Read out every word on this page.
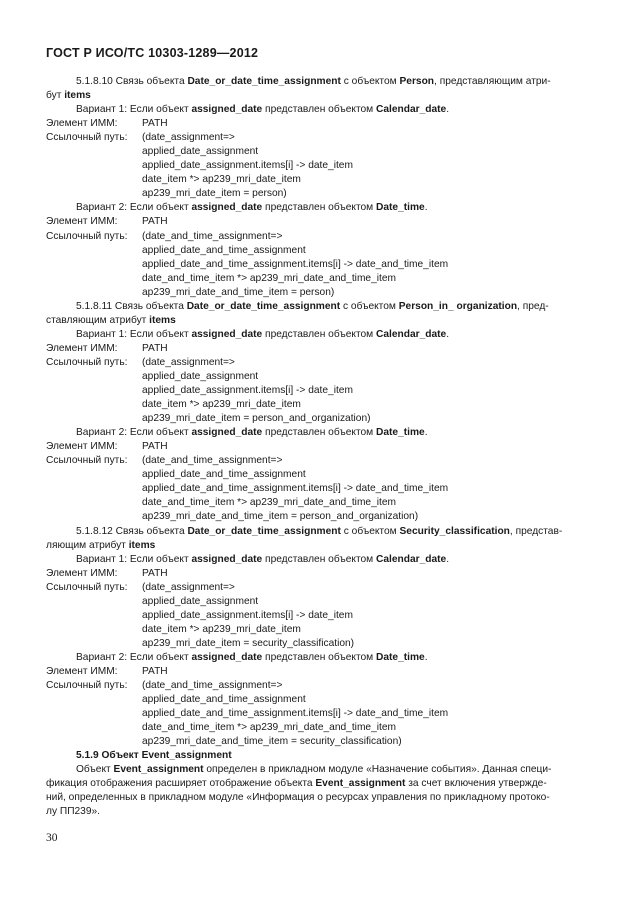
ГОСТ Р ИСО/ТС 10303-1289—2012
5.1.8.10 Связь объекта Date_or_date_time_assignment с объектом Person, представляющим атри-
бут items
Вариант 1: Если объект assigned_date представлен объектом Calendar_date.
Элемент ИММ:	PATH
Ссылочный путь:	(date_assignment=>
applied_date_assignment
applied_date_assignment.items[i] -> date_item
date_item *> ap239_mri_date_item
ap239_mri_date_item = person)
Вариант 2: Если объект assigned_date представлен объектом Date_time.
Элемент ИММ:	PATH
Ссылочный путь:	(date_and_time_assignment=>
applied_date_and_time_assignment
applied_date_and_time_assignment.items[i] -> date_and_time_item
date_and_time_item *> ap239_mri_date_and_time_item
ap239_mri_date_and_time_item = person)
5.1.8.11 Связь объекта Date_or_date_time_assignment с объектом Person_in_ organization, пред-
ставляющим атрибут items
Вариант 1: Если объект assigned_date представлен объектом Calendar_date.
Элемент ИММ:	PATH
Ссылочный путь:	(date_assignment=>
applied_date_assignment
applied_date_assignment.items[i] -> date_item
date_item *> ap239_mri_date_item
ap239_mri_date_item = person_and_organization)
Вариант 2: Если объект assigned_date представлен объектом Date_time.
Элемент ИММ:	PATH
Ссылочный путь:	(date_and_time_assignment=>
applied_date_and_time_assignment
applied_date_and_time_assignment.items[i] -> date_and_time_item
date_and_time_item *> ap239_mri_date_and_time_item
ap239_mri_date_and_time_item = person_and_organization)
5.1.8.12 Связь объекта Date_or_date_time_assignment с объектом Security_classification, представ-
ляющим атрибут items
Вариант 1: Если объект assigned_date представлен объектом Calendar_date.
Элемент ИММ:	PATH
Ссылочный путь:	(date_assignment=>
applied_date_assignment
applied_date_assignment.items[i] -> date_item
date_item *> ap239_mri_date_item
ap239_mri_date_item = security_classification)
Вариант 2: Если объект assigned_date представлен объектом Date_time.
Элемент ИММ:	PATH
Ссылочный путь:	(date_and_time_assignment=>
applied_date_and_time_assignment
applied_date_and_time_assignment.items[i] -> date_and_time_item
date_and_time_item *> ap239_mri_date_and_time_item
ap239_mri_date_and_time_item = security_classification)
5.1.9 Объект Event_assignment
Объект Event_assignment определен в прикладном модуле «Назначение события». Данная специ-
фикация отображения расширяет отображение объекта Event_assignment за счет включения утвержде-
ний, определенных в прикладном модуле «Информация о ресурсах управления по прикладному протоко-
лу ПП239».
30
